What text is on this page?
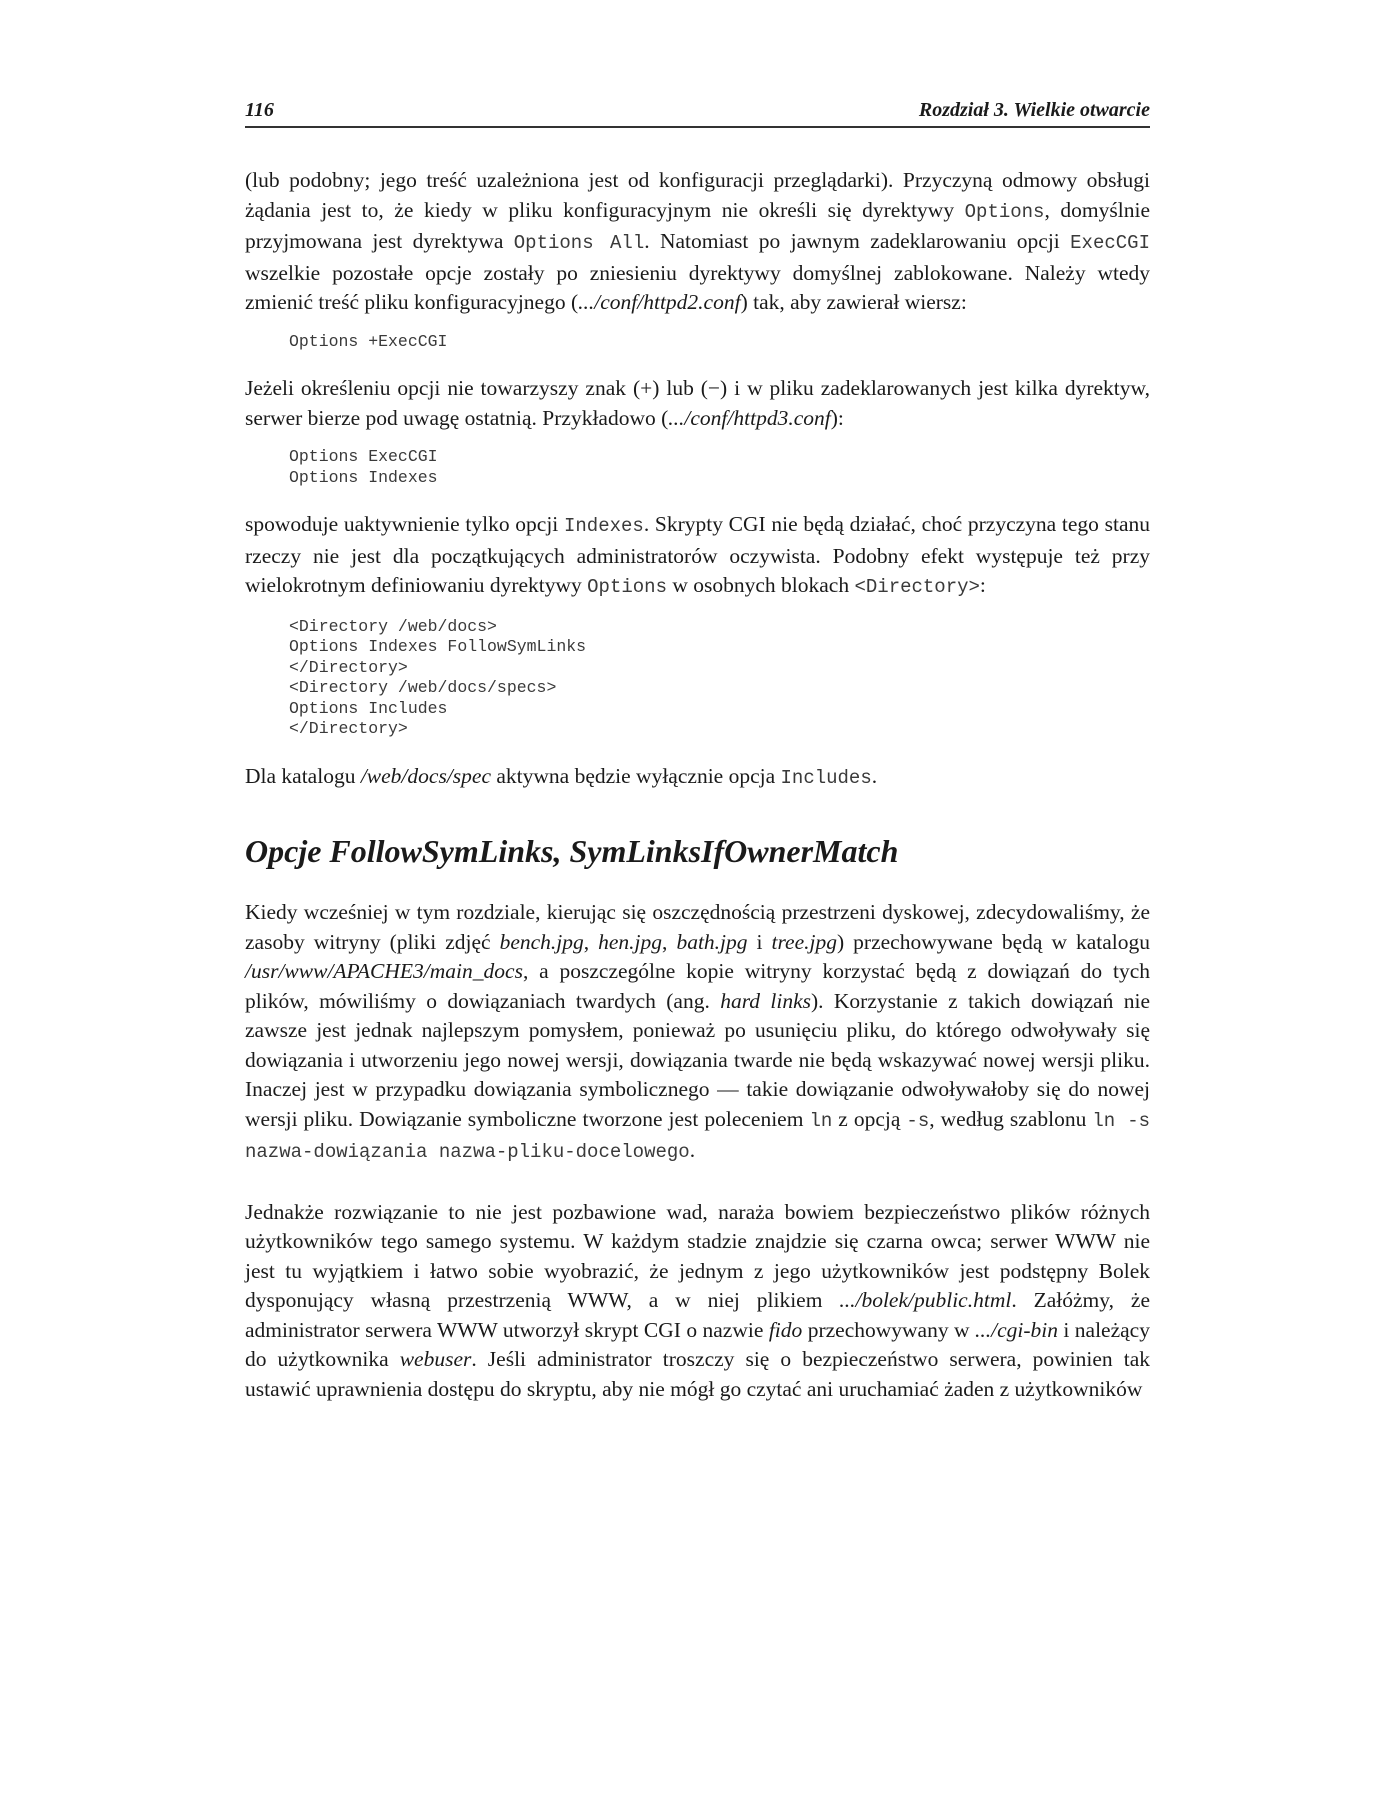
116	Rozdział 3. Wielkie otwarcie

(lub podobny; jego treść uzależniona jest od konfiguracji przeglądarki). Przyczyną odmowy obsługi żądania jest to, że kiedy w pliku konfiguracyjnym nie określi się dyrektywy Options, domyślnie przyjmowana jest dyrektywa Options All. Natomiast po jawnym zadeklarowaniu opcji ExecCGI wszelkie pozostałe opcje zostały po zniesieniu dyrektywy domyślnej zablokowane. Należy wtedy zmienić treść pliku konfiguracyjnego (.../conf/httpd2.conf) tak, aby zawierał wiersz:

Options +ExecCGI

Jeżeli określeniu opcji nie towarzyszy znak (+) lub (−) i w pliku zadeklarowanych jest kilka dyrektyw, serwer bierze pod uwagę ostatnią. Przykładowo (.../conf/httpd3.conf):

Options ExecCGI
Options Indexes

spowoduje uaktywnienie tylko opcji Indexes. Skrypty CGI nie będą działać, choć przyczyna tego stanu rzeczy nie jest dla początkujących administratorów oczywista. Podobny efekt występuje też przy wielokrotnym definiowaniu dyrektywy Options w osobnych blokach <Directory>:

<Directory /web/docs>
Options Indexes FollowSymLinks
</Directory>
<Directory /web/docs/specs>
Options Includes
</Directory>

Dla katalogu /web/docs/spec aktywna będzie wyłącznie opcja Includes.

Opcje FollowSymLinks, SymLinksIfOwnerMatch

Kiedy wcześniej w tym rozdziale, kierując się oszczędnością przestrzeni dyskowej, zdecydowaliśmy, że zasoby witryny (pliki zdjęć bench.jpg, hen.jpg, bath.jpg i tree.jpg) przechowywane będą w katalogu /usr/www/APACHE3/main_docs, a poszczególne kopie witryny korzystać będą z dowiązań do tych plików, mówiliśmy o dowiązaniach twardych (ang. hard links). Korzystanie z takich dowiązań nie zawsze jest jednak najlepszym pomysłem, ponieważ po usunięciu pliku, do którego odwoływały się dowiązania i utworzeniu jego nowej wersji, dowiązania twarde nie będą wskazywać nowej wersji pliku. Inaczej jest w przypadku dowiązania symbolicznego — takie dowiązanie odwoływałoby się do nowej wersji pliku. Dowiązanie symboliczne tworzone jest poleceniem ln z opcją -s, według szablonu ln -s nazwa-dowiązania nazwa-pliku-docelowego.

Jednakże rozwiązanie to nie jest pozbawione wad, naraża bowiem bezpieczeństwo plików różnych użytkowników tego samego systemu. W każdym stadzie znajdzie się czarna owca; serwer WWW nie jest tu wyjątkiem i łatwo sobie wyobrazić, że jednym z jego użytkowników jest podstępny Bolek dysponujący własną przestrzenią WWW, a w niej plikiem .../bolek/public.html. Załóżmy, że administrator serwera WWW utworzył skrypt CGI o nazwie fido przechowywany w .../cgi-bin i należący do użytkownika webuser. Jeśli administrator troszczy się o bezpieczeństwo serwera, powinien tak ustawić uprawnienia dostępu do skryptu, aby nie mógł go czytać ani uruchamiać żaden z użytkowników
